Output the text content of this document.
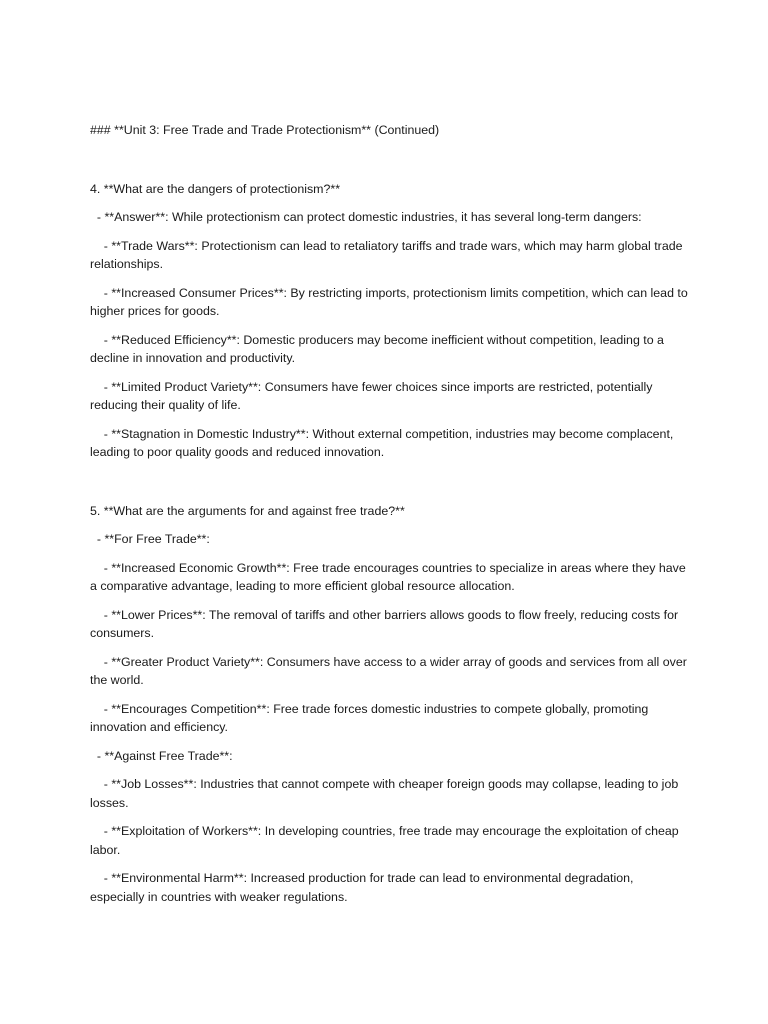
### **Unit 3: Free Trade and Trade Protectionism** (Continued)

4. **What are the dangers of protectionism?**

- **Answer**: While protectionism can protect domestic industries, it has several long-term dangers:

- **Trade Wars**: Protectionism can lead to retaliatory tariffs and trade wars, which may harm global trade relationships.

- **Increased Consumer Prices**: By restricting imports, protectionism limits competition, which can lead to higher prices for goods.

- **Reduced Efficiency**: Domestic producers may become inefficient without competition, leading to a decline in innovation and productivity.

- **Limited Product Variety**: Consumers have fewer choices since imports are restricted, potentially reducing their quality of life.

- **Stagnation in Domestic Industry**: Without external competition, industries may become complacent, leading to poor quality goods and reduced innovation.

5. **What are the arguments for and against free trade?**

- **For Free Trade**:

- **Increased Economic Growth**: Free trade encourages countries to specialize in areas where they have a comparative advantage, leading to more efficient global resource allocation.

- **Lower Prices**: The removal of tariffs and other barriers allows goods to flow freely, reducing costs for consumers.

- **Greater Product Variety**: Consumers have access to a wider array of goods and services from all over the world.

- **Encourages Competition**: Free trade forces domestic industries to compete globally, promoting innovation and efficiency.

- **Against Free Trade**:

- **Job Losses**: Industries that cannot compete with cheaper foreign goods may collapse, leading to job losses.

- **Exploitation of Workers**: In developing countries, free trade may encourage the exploitation of cheap labor.

- **Environmental Harm**: Increased production for trade can lead to environmental degradation, especially in countries with weaker regulations.
